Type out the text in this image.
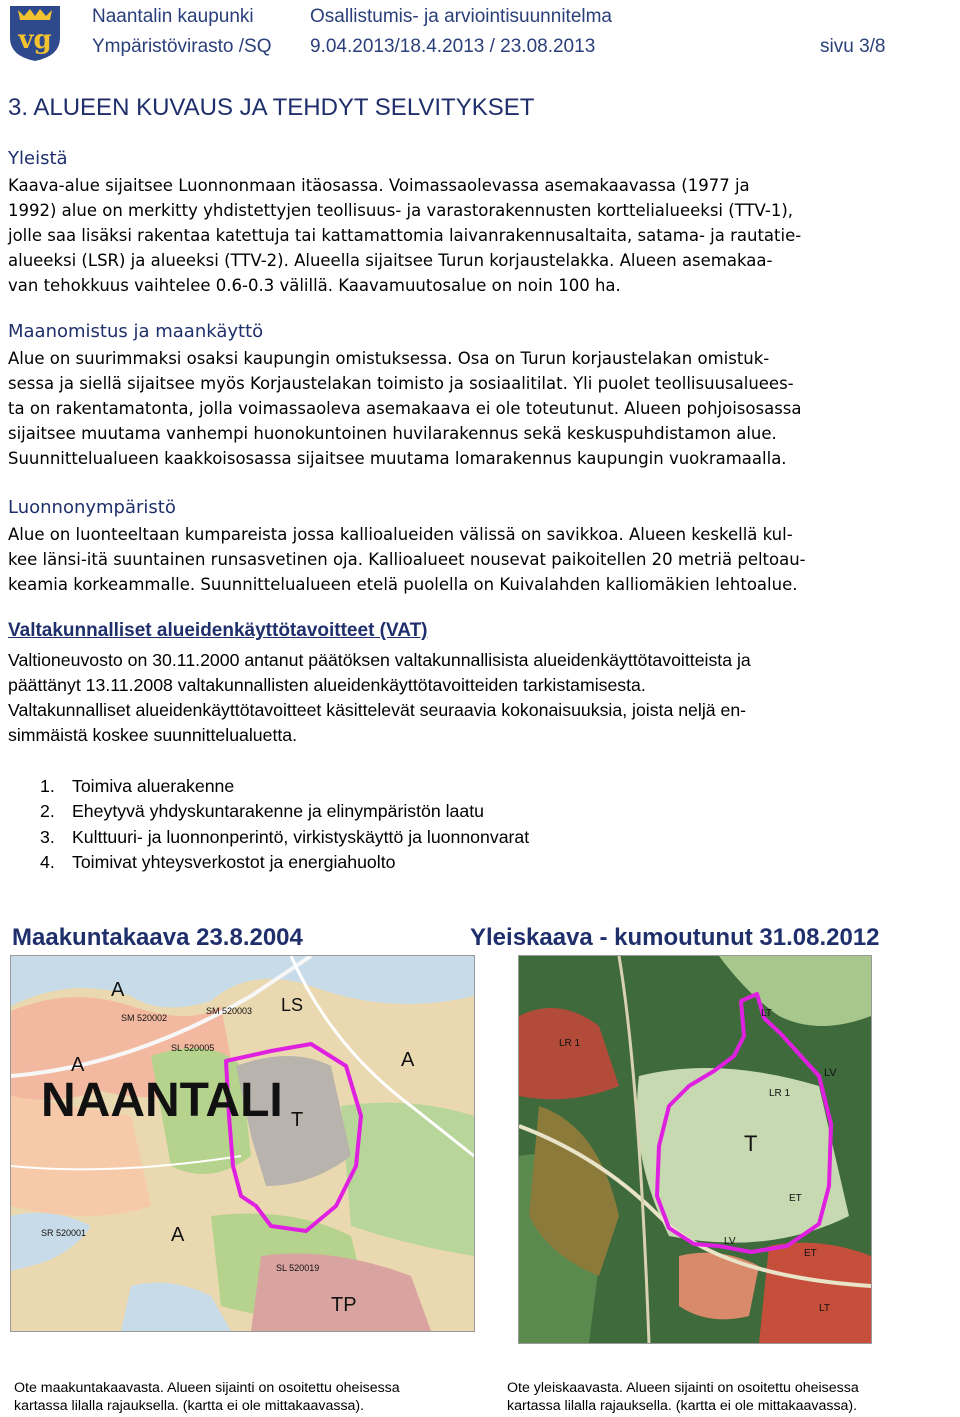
vg
Naantalin kaupunki
Ympäristövirasto /SQ
Osallistumis- ja arviointisuunnitelma
9.04.2013/18.4.2013 / 23.08.2013	sivu 3/8
3. ALUEEN KUVAUS JA TEHDYT SELVITYKSET
Yleistä
Kaava-alue sijaitsee Luonnonmaan itäosassa. Voimassaolevassa asemakaavassa (1977 ja
1992) alue on merkitty yhdistettyjen teollisuus- ja varastorakennusten korttelialueeksi (TTV-1),
jolle saa lisäksi rakentaa katettuja tai kattamattomia laivanrakennusaltaita, satama- ja rautatie-
alueeksi (LSR) ja alueeksi (TTV-2). Alueella sijaitsee Turun korjaustelakka. Alueen asemakaa-
van tehokkuus vaihtelee 0.6-0.3 välillä. Kaavamuutosalue on noin 100 ha.
Maanomistus ja maankäyttö
Alue on suurimmaksi osaksi kaupungin omistuksessa. Osa on Turun korjaustelakan omistuk-
sessa ja siellä sijaitsee myös Korjaustelakan toimisto ja sosiaalitilat. Yli puolet teollisuusaluees-
ta on rakentamatonta, jolla voimassaoleva asemakaava ei ole toteutunut. Alueen pohjoisosassa
sijaitsee muutama vanhempi huonokuntoinen huvilarakennus sekä keskuspuhdistamon alue.
Suunnittelualueen kaakkoisosassa sijaitsee muutama lomarakennus kaupungin vuokramaalla.
Luonnonympäristö
Alue on luonteeltaan kumpareista jossa kallioalueiden välissä on savikkoa. Alueen keskellä kul-
kee länsi-itä suuntainen runsasvetinen oja. Kallioalueet nousevat paikoitellen 20 metriä peltoau-
keamia korkeammalle. Suunnittelualueen etelä puolella on Kuivalahden kalliomäkien lehtoalue.
Valtakunnalliset alueidenkäyttötavoitteet (VAT)
Valtioneuvosto on 30.11.2000 antanut päätöksen valtakunnallisista alueidenkäyttötavoitteista ja
päättänyt 13.11.2008 valtakunnallisten alueidenkäyttötavoitteiden tarkistamisesta.
Valtakunnalliset alueidenkäyttötavoitteet käsittelevät seuraavia kokonaisuuksia, joista neljä en-
simmäistä koskee suunnittelualuetta.
1. Toimiva aluerakenne
2. Eheytyvä yhdyskuntarakenne ja elinympäristön laatu
3. Kulttuuri- ja luonnonperintö, virkistyskäyttö ja luonnonvarat
4. Toimivat yhteysverkostot ja energiahuolto
Maakuntakaava 23.8.2004	Yleiskaava - kumoutunut 31.08.2012
NAANTALI
A
A
T
A
TP
LS
A
SM 520002
SM 520003
SL 520005
SL 520019
SR 520001
LT
LV
LR 1
T
ET
LV
ET
LR 1
LT
Ote maakuntakaavasta. Alueen sijainti on osoitettu oheisessa
kartassa lilalla rajauksella. (kartta ei ole mittakaavassa).
Ote yleiskaavasta. Alueen sijainti on osoitettu oheisessa
kartassa lilalla rajauksella. (kartta ei ole mittakaavassa).
